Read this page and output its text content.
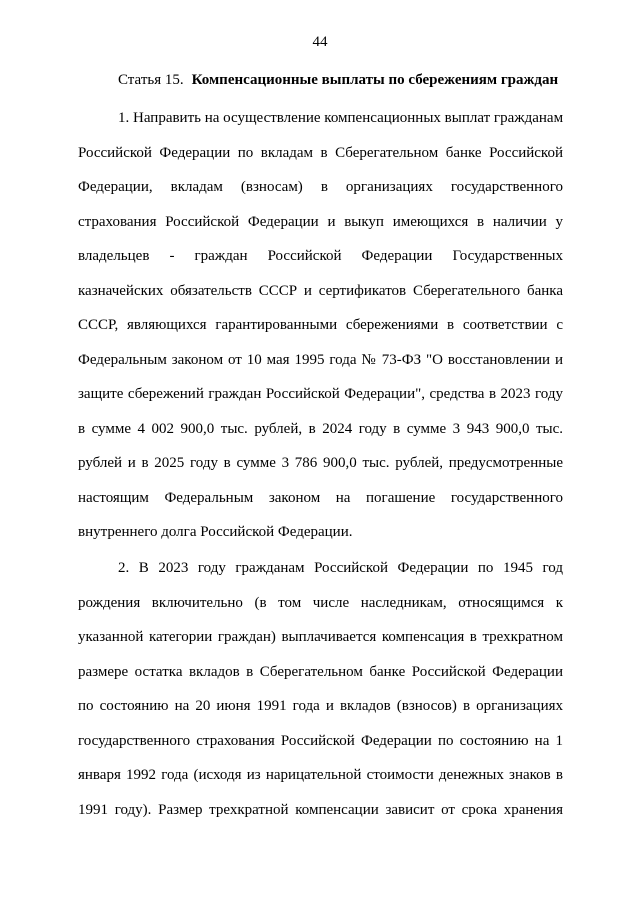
44
Статья 15. Компенсационные выплаты по сбережениям граждан
1. Направить на осуществление компенсационных выплат гражданам
Российской Федерации по вкладам в Сберегательном банке Российской
Федерации, вкладам (взносам) в организациях государственного
страхования Российской Федерации и выкуп имеющихся в наличии у
владельцев - граждан Российской Федерации Государственных
казначейских обязательств СССР и сертификатов Сберегательного банка
СССР, являющихся гарантированными сбережениями в соответствии с
Федеральным законом от 10 мая 1995 года № 73-ФЗ "О восстановлении и
защите сбережений граждан Российской Федерации", средства в 2023 году
в сумме 4 002 900,0 тыс. рублей, в 2024 году в сумме 3 943 900,0 тыс.
рублей и в 2025 году в сумме 3 786 900,0 тыс. рублей, предусмотренные
настоящим Федеральным законом на погашение государственного
внутреннего долга Российской Федерации.
2. В 2023 году гражданам Российской Федерации по 1945 год
рождения включительно (в том числе наследникам, относящимся к
указанной категории граждан) выплачивается компенсация в трехкратном
размере остатка вкладов в Сберегательном банке Российской Федерации
по состоянию на 20 июня 1991 года и вкладов (взносов) в организациях
государственного страхования Российской Федерации по состоянию на 1
января 1992 года (исходя из нарицательной стоимости денежных знаков в
1991 году). Размер трехкратной компенсации зависит от срока хранения
